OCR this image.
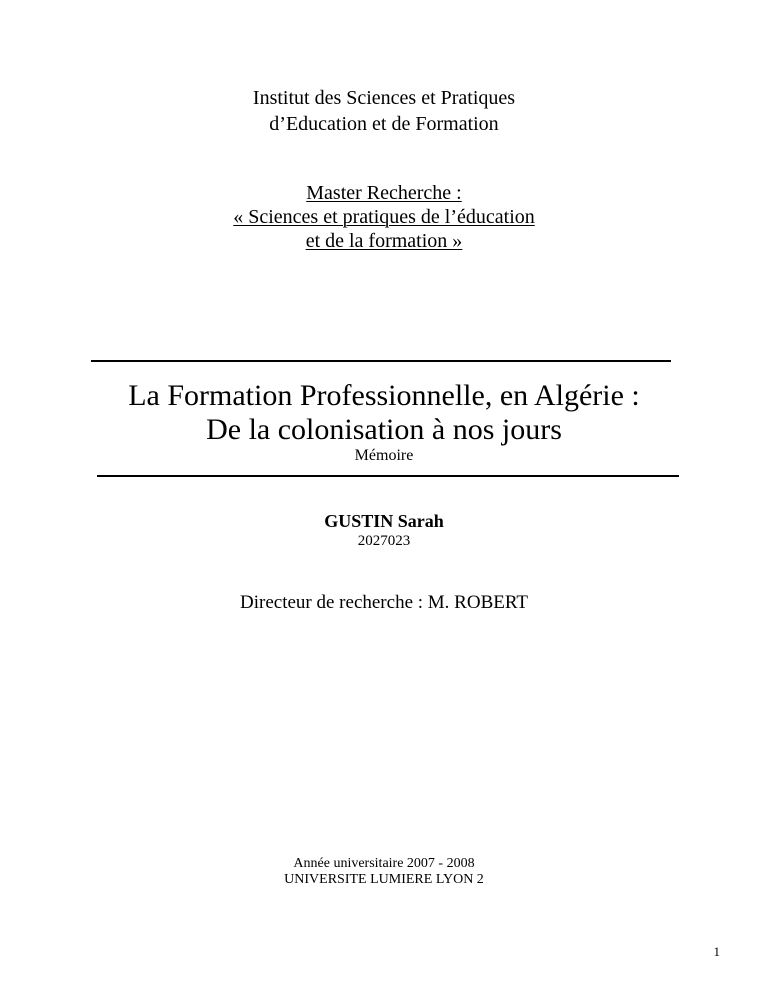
Institut des Sciences et Pratiques
d’Education et de Formation
Master Recherche :
« Sciences et pratiques de l’éducation
et de la formation »
La Formation Professionnelle, en Algérie :
De la colonisation à nos jours
Mémoire
GUSTIN Sarah
2027023
Directeur de recherche : M. ROBERT
Année universitaire 2007 - 2008
UNIVERSITE LUMIERE LYON 2
1
